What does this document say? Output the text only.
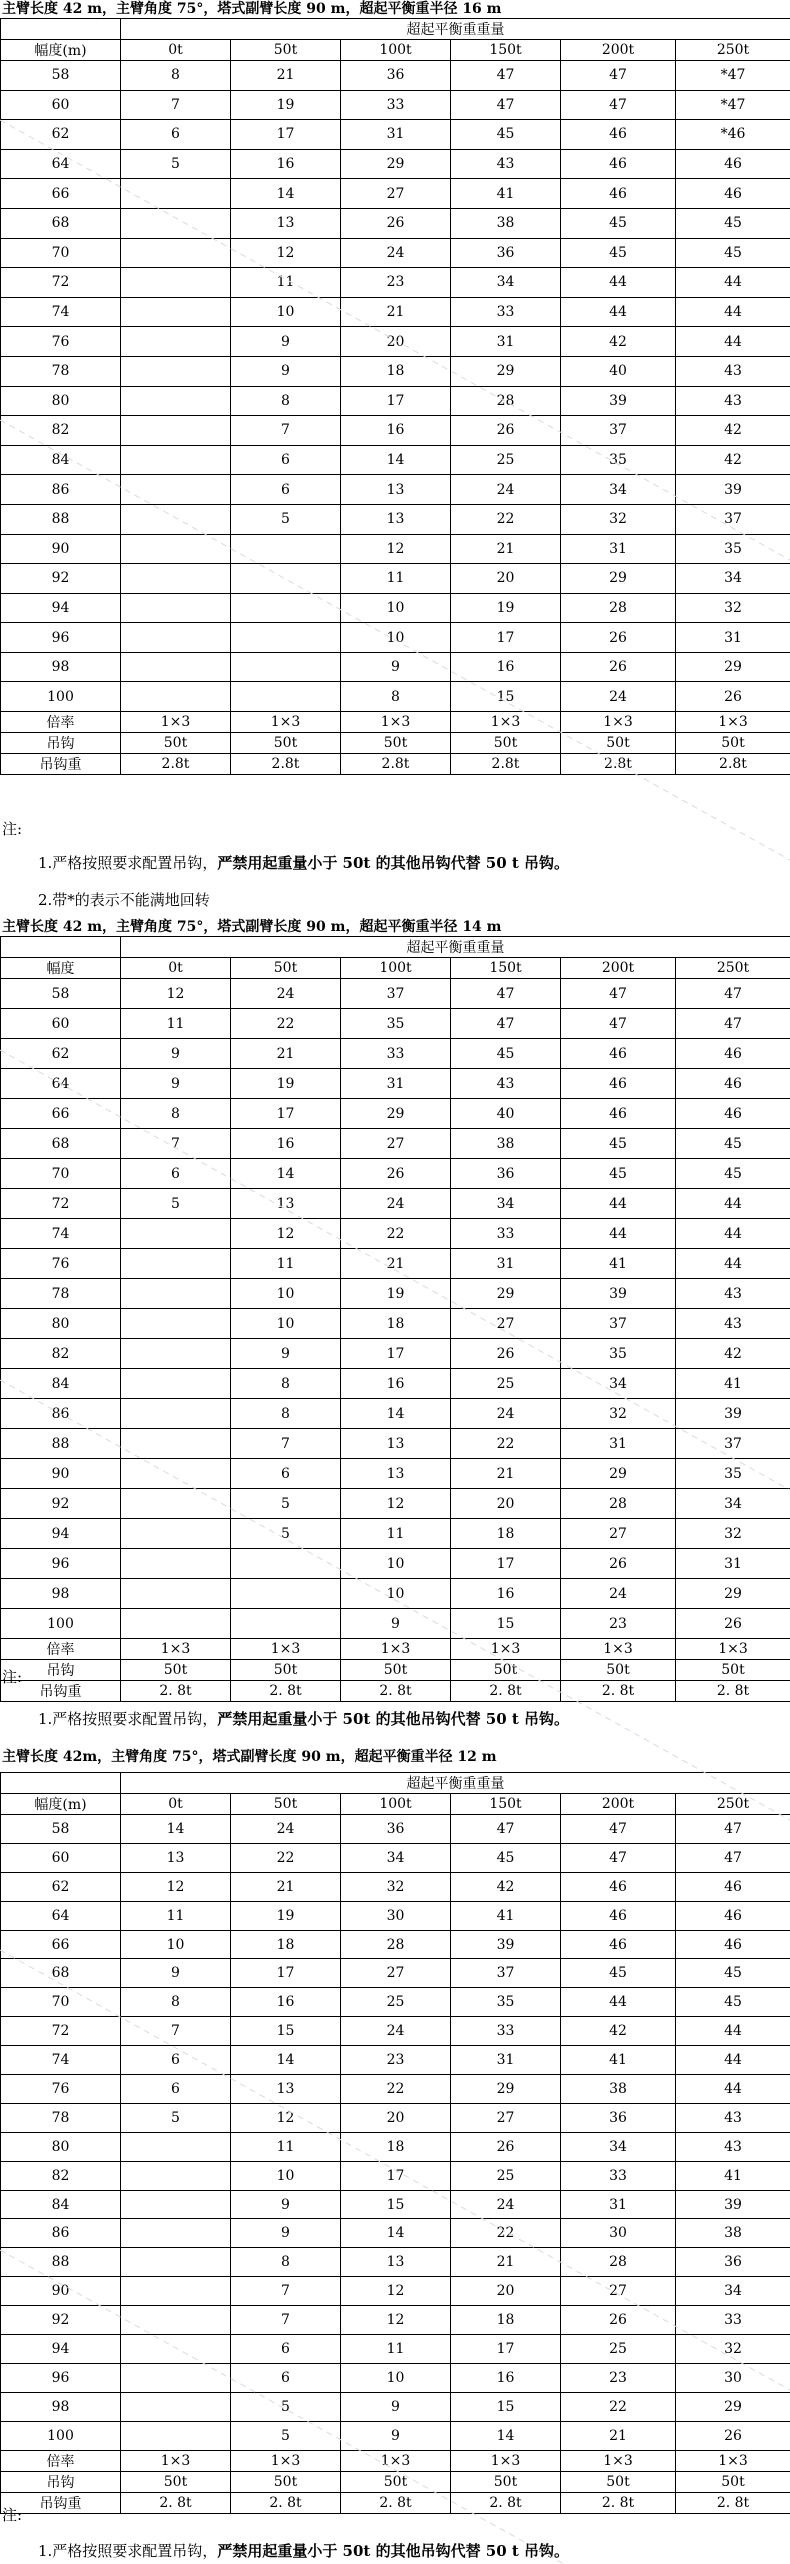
主臂长度 42 m，主臂角度 75°，塔式副臂长度 90 m，超起平衡重半径 16 m
	超起平衡重重量					
幅度(m)	0t	50t	100t	150t	200t	250t
58	8	21	36	47	47	*47
60	7	19	33	47	47	*47
62	6	17	31	45	46	*46
64	5	16	29	43	46	46
66		14	27	41	46	46
68		13	26	38	45	45
70		12	24	36	45	45
72		11	23	34	44	44
74		10	21	33	44	44
76		9	20	31	42	44
78		9	18	29	40	43
80		8	17	28	39	43
82		7	16	26	37	42
84		6	14	25	35	42
86		6	13	24	34	39
88		5	13	22	32	37
90			12	21	31	35
92			11	20	29	34
94			10	19	28	32
96			10	17	26	31
98			9	16	26	29
100			8	15	24	26
倍率	1×3	1×3	1×3	1×3	1×3	1×3
吊钩	50t	50t	50t	50t	50t	50t
吊钩重	2.8t	2.8t	2.8t	2.8t	2.8t	2.8t
注:
1.严格按照要求配置吊钩，严禁用起重量小于 50t 的其他吊钩代替 50 t 吊钩。
2.带*的表示不能满地回转
主臂长度 42 m，主臂角度 75°，塔式副臂长度 90 m，超起平衡重半径 14 m
	超起平衡重重量					
幅度	0t	50t	100t	150t	200t	250t
58	12	24	37	47	47	47
60	11	22	35	47	47	47
62	9	21	33	45	46	46
64	9	19	31	43	46	46
66	8	17	29	40	46	46
68	7	16	27	38	45	45
70	6	14	26	36	45	45
72	5	13	24	34	44	44
74		12	22	33	44	44
76		11	21	31	41	44
78		10	19	29	39	43
80		10	18	27	37	43
82		9	17	26	35	42
84		8	16	25	34	41
86		8	14	24	32	39
88		7	13	22	31	37
90		6	13	21	29	35
92		5	12	20	28	34
94		5	11	18	27	32
96			10	17	26	31
98			10	16	24	29
100			9	15	23	26
倍率	1×3	1×3	1×3	1×3	1×3	1×3
吊钩	50t	50t	50t	50t	50t	50t
吊钩重	2. 8t	2. 8t	2. 8t	2. 8t	2. 8t	2. 8t
注:
1.严格按照要求配置吊钩，严禁用起重量小于 50t 的其他吊钩代替 50 t 吊钩。
主臂长度 42m，主臂角度 75°，塔式副臂长度 90 m，超起平衡重半径 12 m
	超起平衡重重量					
幅度(m)	0t	50t	100t	150t	200t	250t
58	14	24	36	47	47	47
60	13	22	34	45	47	47
62	12	21	32	42	46	46
64	11	19	30	41	46	46
66	10	18	28	39	46	46
68	9	17	27	37	45	45
70	8	16	25	35	44	45
72	7	15	24	33	42	44
74	6	14	23	31	41	44
76	6	13	22	29	38	44
78	5	12	20	27	36	43
80		11	18	26	34	43
82		10	17	25	33	41
84		9	15	24	31	39
86		9	14	22	30	38
88		8	13	21	28	36
90		7	12	20	27	34
92		7	12	18	26	33
94		6	11	17	25	32
96		6	10	16	23	30
98		5	9	15	22	29
100		5	9	14	21	26
倍率	1×3	1×3	1×3	1×3	1×3	1×3
吊钩	50t	50t	50t	50t	50t	50t
吊钩重	2. 8t	2. 8t	2. 8t	2. 8t	2. 8t	2. 8t
注:
1.严格按照要求配置吊钩，严禁用起重量小于 50t 的其他吊钩代替 50 t 吊钩。
